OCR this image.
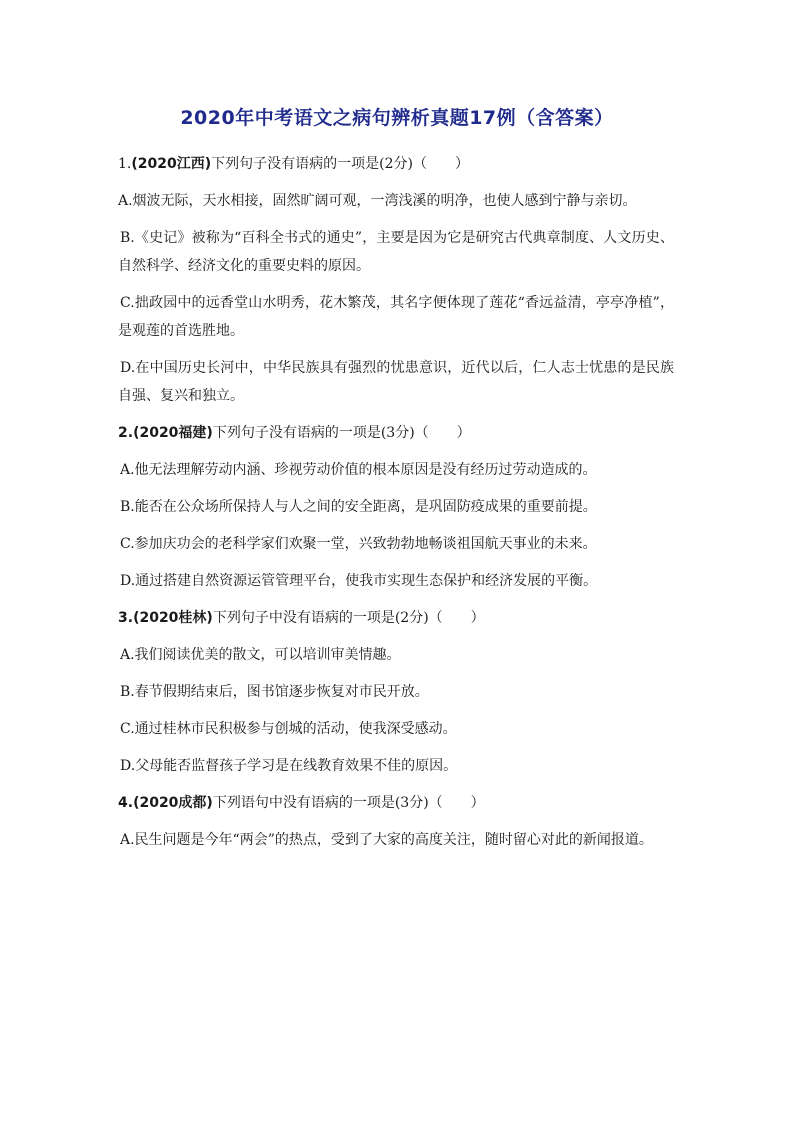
2020年中考语文之病句辨析真题17例（含答案）
1.(2020江西)下列句子没有语病的一项是(2分)（　　）

A.烟波无际，天水相接，固然旷阔可观，一湾浅溪的明净，也使人感到宁静与亲切。

B.《史记》被称为“百科全书式的通史”，主要是因为它是研究古代典章制度、人文历史、自然科学、经济文化的重要史料的原因。

C.拙政园中的远香堂山水明秀，花木繁茂，其名字便体现了莲花“香远益清，亭亭净植”，是观莲的首选胜地。

D.在中国历史长河中，中华民族具有强烈的忧患意识，近代以后，仁人志士忧患的是民族自强、复兴和独立。

2.(2020福建)下列句子没有语病的一项是(3分)（　　）

A.他无法理解劳动内涵、珍视劳动价值的根本原因是没有经历过劳动造成的。

B.能否在公众场所保持人与人之间的安全距离，是巩固防疫成果的重要前提。

C.参加庆功会的老科学家们欢聚一堂，兴致勃勃地畅谈祖国航天事业的未来。

D.通过搭建自然资源运管管理平台，使我市实现生态保护和经济发展的平衡。

3.(2020桂林)下列句子中没有语病的一项是(2分)（　　）

A.我们阅读优美的散文，可以培训审美情趣。

B.春节假期结束后，图书馆逐步恢复对市民开放。

C.通过桂林市民积极参与创城的活动，使我深受感动。

D.父母能否监督孩子学习是在线教育效果不佳的原因。

4.(2020成都)下列语句中没有语病的一项是(3分)（　　）

A.民生问题是今年“两会”的热点，受到了大家的高度关注，随时留心对此的新闻报道。
